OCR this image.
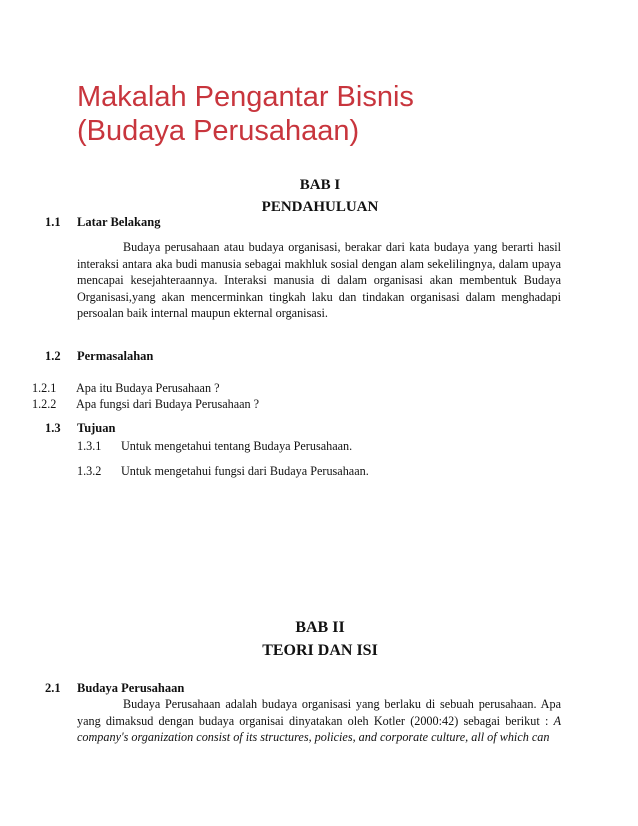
Makalah Pengantar Bisnis
(Budaya Perusahaan)
BAB I
PENDAHULUAN
1.1 Latar Belakang

Budaya perusahaan atau budaya organisasi, berakar dari kata budaya yang berarti hasil interaksi antara aka budi manusia sebagai makhluk sosial dengan alam sekelilingnya, dalam upaya mencapai kesejahteraannya. Interaksi manusia di dalam organisasi akan membentuk Budaya Organisasi,yang akan mencerminkan tingkah laku dan tindakan organisasi dalam menghadapi persoalan baik internal maupun ekternal organisasi.

1.2 Permasalahan
1.2.1 Apa itu Budaya Perusahaan ?
1.2.2 Apa fungsi dari Budaya Perusahaan ?
1.3 Tujuan
1.3.1 Untuk mengetahui tentang Budaya Perusahaan.
1.3.2 Untuk mengetahui fungsi dari Budaya Perusahaan.
BAB II
TEORI DAN ISI
2.1 Budaya Perusahaan

Budaya Perusahaan adalah budaya organisasi yang berlaku di sebuah perusahaan. Apa yang dimaksud dengan budaya organisai dinyatakan oleh Kotler (2000:42) sebagai berikut : A company's organization consist of its structures, policies, and corporate culture, all of which can
